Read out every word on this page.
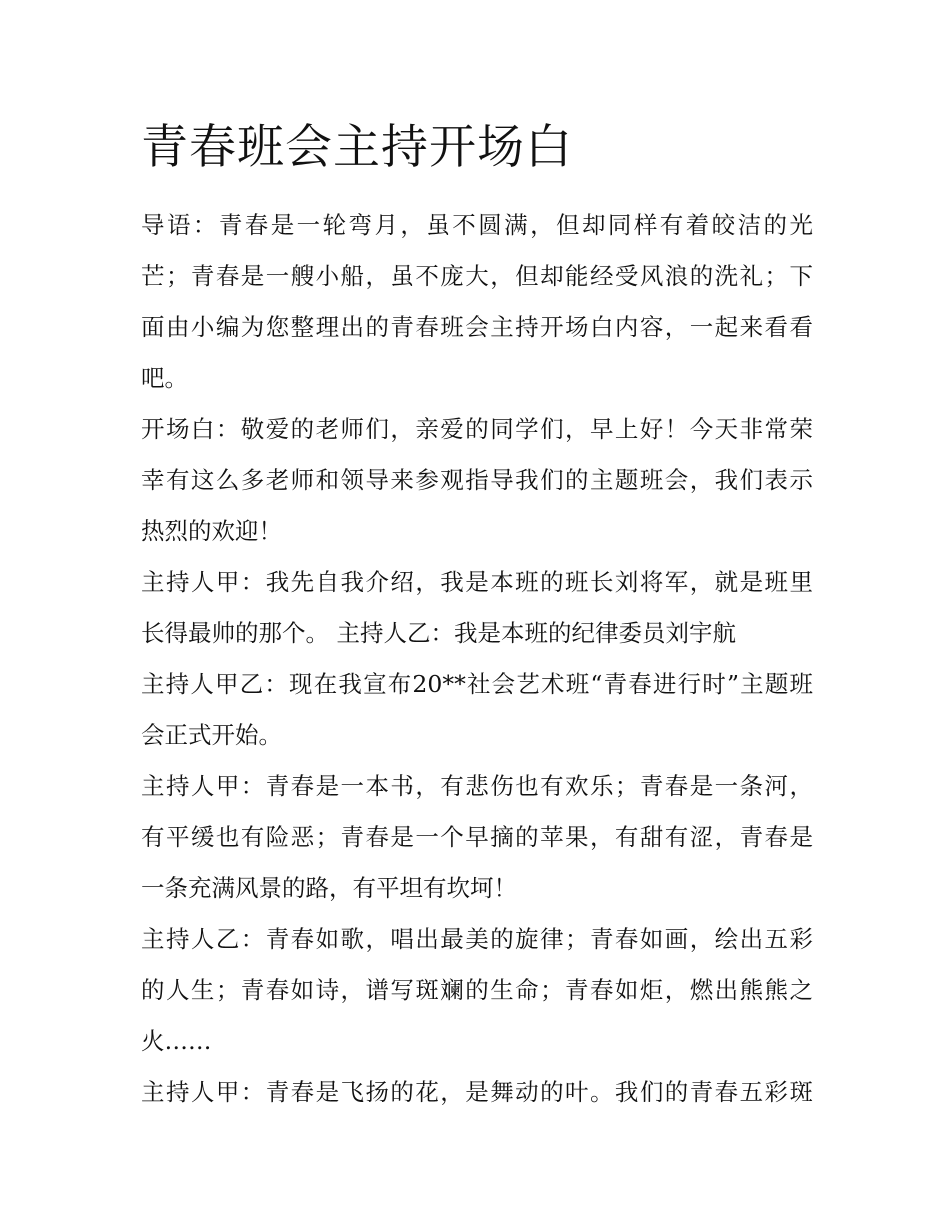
青春班会主持开场白

导语：青春是一轮弯月，虽不圆满，但却同样有着皎洁的光
芒；青春是一艘小船，虽不庞大，但却能经受风浪的洗礼；下
面由小编为您整理出的青春班会主持开场白内容，一起来看看
吧。

开场白：敬爱的老师们，亲爱的同学们，早上好！今天非常荣
幸有这么多老师和领导来参观指导我们的主题班会，我们表示
热烈的欢迎！

主持人甲：我先自我介绍，我是本班的班长刘将军，就是班里
长得最帅的那个。 主持人乙：我是本班的纪律委员刘宇航

主持人甲乙：现在我宣布20**社会艺术班“青春进行时”主题班
会正式开始。

主持人甲：青春是一本书，有悲伤也有欢乐；青春是一条河，
有平缓也有险恶；青春是一个早摘的苹果，有甜有涩，青春是
一条充满风景的路，有平坦有坎坷！

主持人乙：青春如歌，唱出最美的旋律；青春如画，绘出五彩
的人生；青春如诗，谱写斑斓的生命；青春如炬，燃出熊熊之
火……

主持人甲：青春是飞扬的花，是舞动的叶。我们的青春五彩斑
